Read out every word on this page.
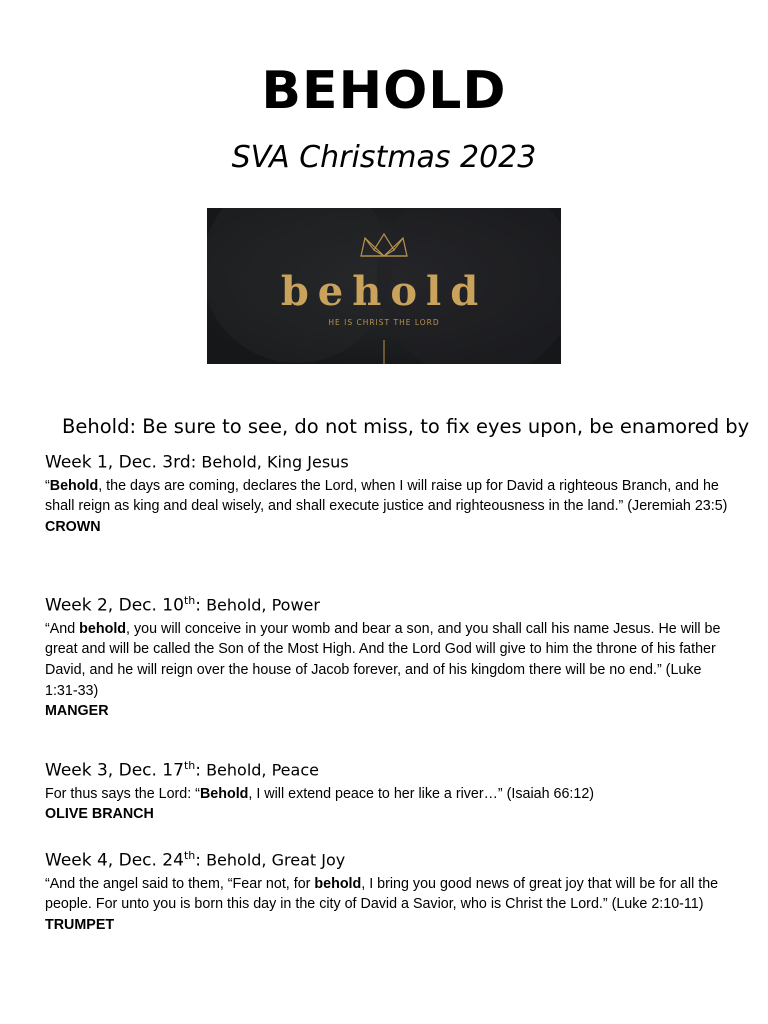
BEHOLD
SVA Christmas 2023
behold
HE IS CHRIST THE LORD
Behold: Be sure to see, do not miss, to fix eyes upon, be enamored by
Week 1, Dec. 3rd: Behold, King Jesus
“Behold, the days are coming, declares the Lord, when I will raise up for David a righteous Branch, and he shall reign as king and deal wisely, and shall execute justice and righteousness in the land.” (Jeremiah 23:5)
CROWN
Week 2, Dec. 10th: Behold, Power
“And behold, you will conceive in your womb and bear a son, and you shall call his name Jesus. He will be great and will be called the Son of the Most High. And the Lord God will give to him the throne of his father David, and he will reign over the house of Jacob forever, and of his kingdom there will be no end.” (Luke 1:31-33)
MANGER
Week 3, Dec. 17th: Behold, Peace
For thus says the Lord: “Behold, I will extend peace to her like a river…” (Isaiah 66:12)
OLIVE BRANCH
Week 4, Dec. 24th: Behold, Great Joy
“And the angel said to them, “Fear not, for behold, I bring you good news of great joy that will be for all the people. For unto you is born this day in the city of David a Savior, who is Christ the Lord.” (Luke 2:10-11)
TRUMPET
